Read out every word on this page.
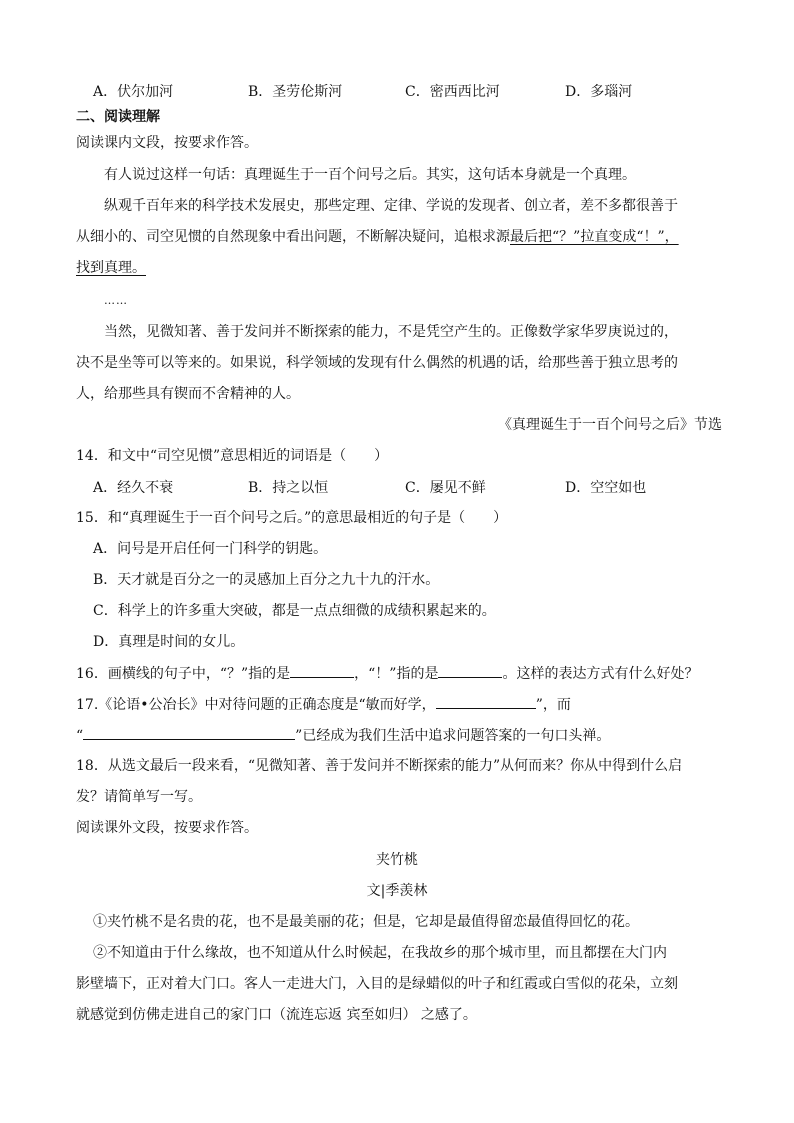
A．伏尔加河	B．圣劳伦斯河	C．密西西比河	D．多瑙河
二、阅读理解
阅读课内文段，按要求作答。
有人说过这样一句话：真理诞生于一百个问号之后。其实，这句话本身就是一个真理。
纵观千百年来的科学技术发展史，那些定理、定律、学说的发现者、创立者，差不多都很善于
从细小的、司空见惯的自然现象中看出问题，不断解决疑问，追根求源最后把“？”拉直变成“！”，
找到真理。
……
当然，见微知著、善于发问并不断探索的能力，不是凭空产生的。正像数学家华罗庚说过的，
决不是坐等可以等来的。如果说，科学领域的发现有什么偶然的机遇的话，给那些善于独立思考的
人，给那些具有锲而不舍精神的人。
《真理诞生于一百个问号之后》节选
14．和文中“司空见惯”意思相近的词语是（　　）
A．经久不衰	B．持之以恒	C．屡见不鲜	D．空空如也
15．和“真理诞生于一百个问号之后。”的意思最相近的句子是（　　）
A．问号是开启任何一门科学的钥匙。
B．天才就是百分之一的灵感加上百分之九十九的汗水。
C．科学上的许多重大突破，都是一点点细微的成绩积累起来的。
D．真理是时间的女儿。
16．画横线的句子中，“？”指的是	，“！”指的是	。这样的表达方式有什么好处？
17.《论语•公冶长》中对待问题的正确态度是“敏而好学，	”，而
“	”已经成为我们生活中追求问题答案的一句口头禅。
18．从选文最后一段来看，“见微知著、善于发问并不断探索的能力”从何而来？你从中得到什么启
发？请简单写一写。
阅读课外文段，按要求作答。
夹竹桃
文|季羡林
①夹竹桃不是名贵的花，也不是最美丽的花；但是，它却是最值得留恋最值得回忆的花。
②不知道由于什么缘故，也不知道从什么时候起，在我故乡的那个城市里，而且都摆在大门内
影壁墙下，正对着大门口。客人一走进大门，入目的是绿蜡似的叶子和红霞或白雪似的花朵，立刻
就感觉到仿佛走进自己的家门口（流连忘返 宾至如归） 之感了。
